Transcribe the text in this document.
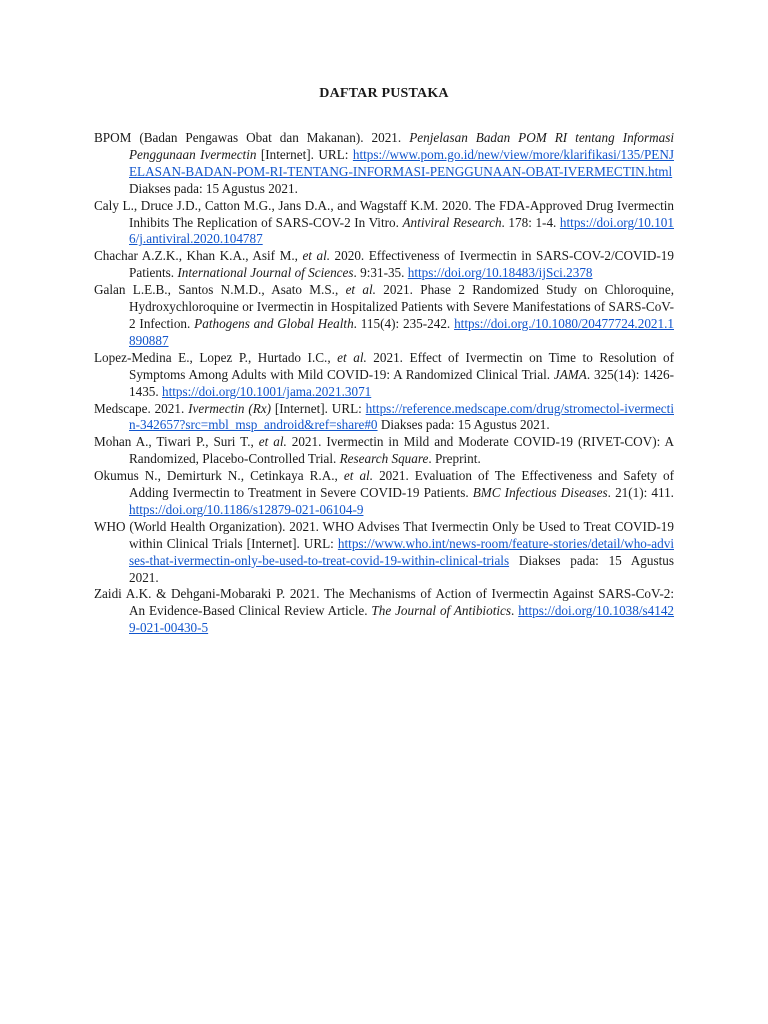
DAFTAR PUSTAKA

BPOM (Badan Pengawas Obat dan Makanan). 2021. Penjelasan Badan POM RI tentang Informasi Penggunaan Ivermectin [Internet]. URL: https://www.pom.go.id/new/view/more/klarifikasi/135/PENJELASAN-BADAN-POM-RI-TENTANG-INFORMASI-PENGGUNAAN-OBAT-IVERMECTIN.html Diakses pada: 15 Agustus 2021.

Caly L., Druce J.D., Catton M.G., Jans D.A., and Wagstaff K.M. 2020. The FDA-Approved Drug Ivermectin Inhibits The Replication of SARS-COV-2 In Vitro. Antiviral Research. 178: 1-4. https://doi.org/10.1016/j.antiviral.2020.104787

Chachar A.Z.K., Khan K.A., Asif M., et al. 2020. Effectiveness of Ivermectin in SARS-COV-2/COVID-19 Patients. International Journal of Sciences. 9:31-35. https://doi.org/10.18483/ijSci.2378

Galan L.E.B., Santos N.M.D., Asato M.S., et al. 2021. Phase 2 Randomized Study on Chloroquine, Hydroxychloroquine or Ivermectin in Hospitalized Patients with Severe Manifestations of SARS-CoV-2 Infection. Pathogens and Global Health. 115(4): 235-242. https://doi.org./10.1080/20477724.2021.1890887

Lopez-Medina E., Lopez P., Hurtado I.C., et al. 2021. Effect of Ivermectin on Time to Resolution of Symptoms Among Adults with Mild COVID-19: A Randomized Clinical Trial. JAMA. 325(14): 1426-1435. https://doi.org/10.1001/jama.2021.3071

Medscape. 2021. Ivermectin (Rx) [Internet]. URL: https://reference.medscape.com/drug/stromectol-ivermectin-342657?src=mbl_msp_android&ref=share#0 Diakses pada: 15 Agustus 2021.

Mohan A., Tiwari P., Suri T., et al. 2021. Ivermectin in Mild and Moderate COVID-19 (RIVET-COV): A Randomized, Placebo-Controlled Trial. Research Square. Preprint.

Okumus N., Demirturk N., Cetinkaya R.A., et al. 2021. Evaluation of The Effectiveness and Safety of Adding Ivermectin to Treatment in Severe COVID-19 Patients. BMC Infectious Diseases. 21(1): 411. https://doi.org/10.1186/s12879-021-06104-9

WHO (World Health Organization). 2021. WHO Advises That Ivermectin Only be Used to Treat COVID-19 within Clinical Trials [Internet]. URL: https://www.who.int/news-room/feature-stories/detail/who-advises-that-ivermectin-only-be-used-to-treat-covid-19-within-clinical-trials Diakses pada: 15 Agustus 2021.

Zaidi A.K. & Dehgani-Mobaraki P. 2021. The Mechanisms of Action of Ivermectin Against SARS-CoV-2: An Evidence-Based Clinical Review Article. The Journal of Antibiotics. https://doi.org/10.1038/s41429-021-00430-5
